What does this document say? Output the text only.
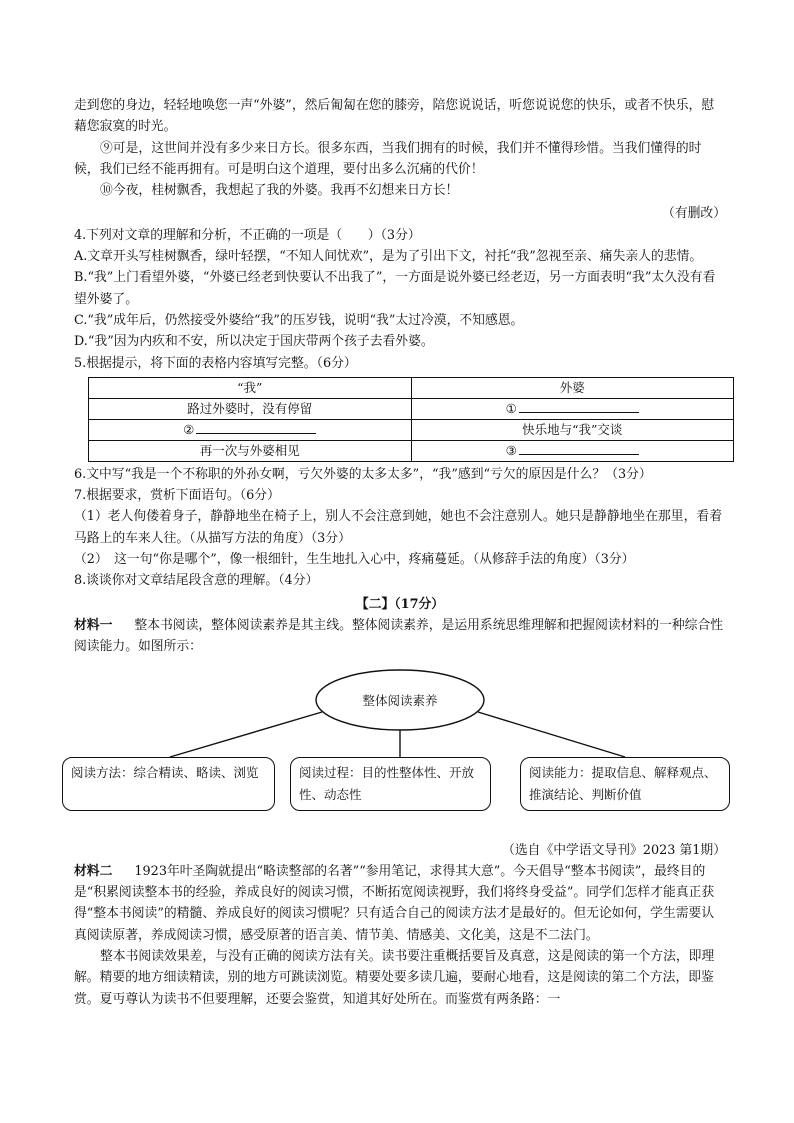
走到您的身边，轻轻地唤您一声“外婆”，然后匍匐在您的膝旁，陪您说说话，听您说说您的快乐，或者不快乐，慰藉您寂寞的时光。

⑨可是，这世间并没有多少来日方长。很多东西，当我们拥有的时候，我们并不懂得珍惜。当我们懂得的时候，我们已经不能再拥有。可是明白这个道理，要付出多么沉痛的代价！

⑩今夜，桂树飘香，我想起了我的外婆。我再不幻想来日方长！

（有删改）

4.下列对文章的理解和分析，不正确的一项是（　　）（3分）

A.文章开头写桂树飘香，绿叶轻摆，“不知人间忧欢”，是为了引出下文，衬托“我”忽视至亲、痛失亲人的悲情。

B.“我”上门看望外婆，“外婆已经老到快要认不出我了”，一方面是说外婆已经老迈，另一方面表明“我”太久没有看望外婆了。

C.“我”成年后，仍然接受外婆给“我”的压岁钱，说明“我”太过冷漠，不知感恩。

D.“我”因为内疚和不安，所以决定于国庆带两个孩子去看外婆。

5.根据提示，将下面的表格内容填写完整。（6分）

“我”	外婆
路过外婆时，没有停留	①
②	快乐地与“我”交谈
再一次与外婆相见	③

6.文中写“我是一个不称职的外孙女啊，亏欠外婆的太多太多”，“我”感到“亏欠的原因是什么？（3分）

7.根据要求，赏析下面语句。（6分）

（1）老人佝偻着身子，静静地坐在椅子上，别人不会注意到她，她也不会注意别人。她只是静静地坐在那里，看着马路上的车来人往。（从描写方法的角度）（3分）

（2）　这一句“你是哪个”，像一根细针，生生地扎入心中，疼痛蔓延。（从修辞手法的角度）（3分）

8.谈谈你对文章结尾段含意的理解。（4分）

【二】（17分）

材料一 整本书阅读，整体阅读素养是其主线。整体阅读素养，是运用系统思维理解和把握阅读材料的一种综合性阅读能力。如图所示：

整体阅读素养
阅读方法：综合精读、略读、浏览	阅读过程：目的性整体性、开放性、动态性
阅读能力：提取信息、解释观点、推演结论、判断价值

（选自《中学语文导刊》2023 第1期）

材料二 1923年叶圣陶就提出“略读整部的名著”“参用笔记，求得其大意”。今天倡导“整本书阅读”，最终目的是“积累阅读整本书的经验，养成良好的阅读习惯，不断拓宽阅读视野，我们将终身受益”。同学们怎样才能真正获得“整本书阅读”的精髓、养成良好的阅读习惯呢？只有适合自己的阅读方法才是最好的。但无论如何，学生需要认真阅读原著，养成阅读习惯，感受原著的语言美、情节美、情感美、文化美，这是不二法门。

整本书阅读效果差，与没有正确的阅读方法有关。读书要注重概括要旨及真意，这是阅读的第一个方法，即理解。精要的地方细读精读，别的地方可跳读浏览。精要处要多读几遍，要耐心地看，这是阅读的第二个方法，即鉴赏。夏丏尊认为读书不但要理解，还要会鉴赏，知道其好处所在。而鉴赏有两条路：一
